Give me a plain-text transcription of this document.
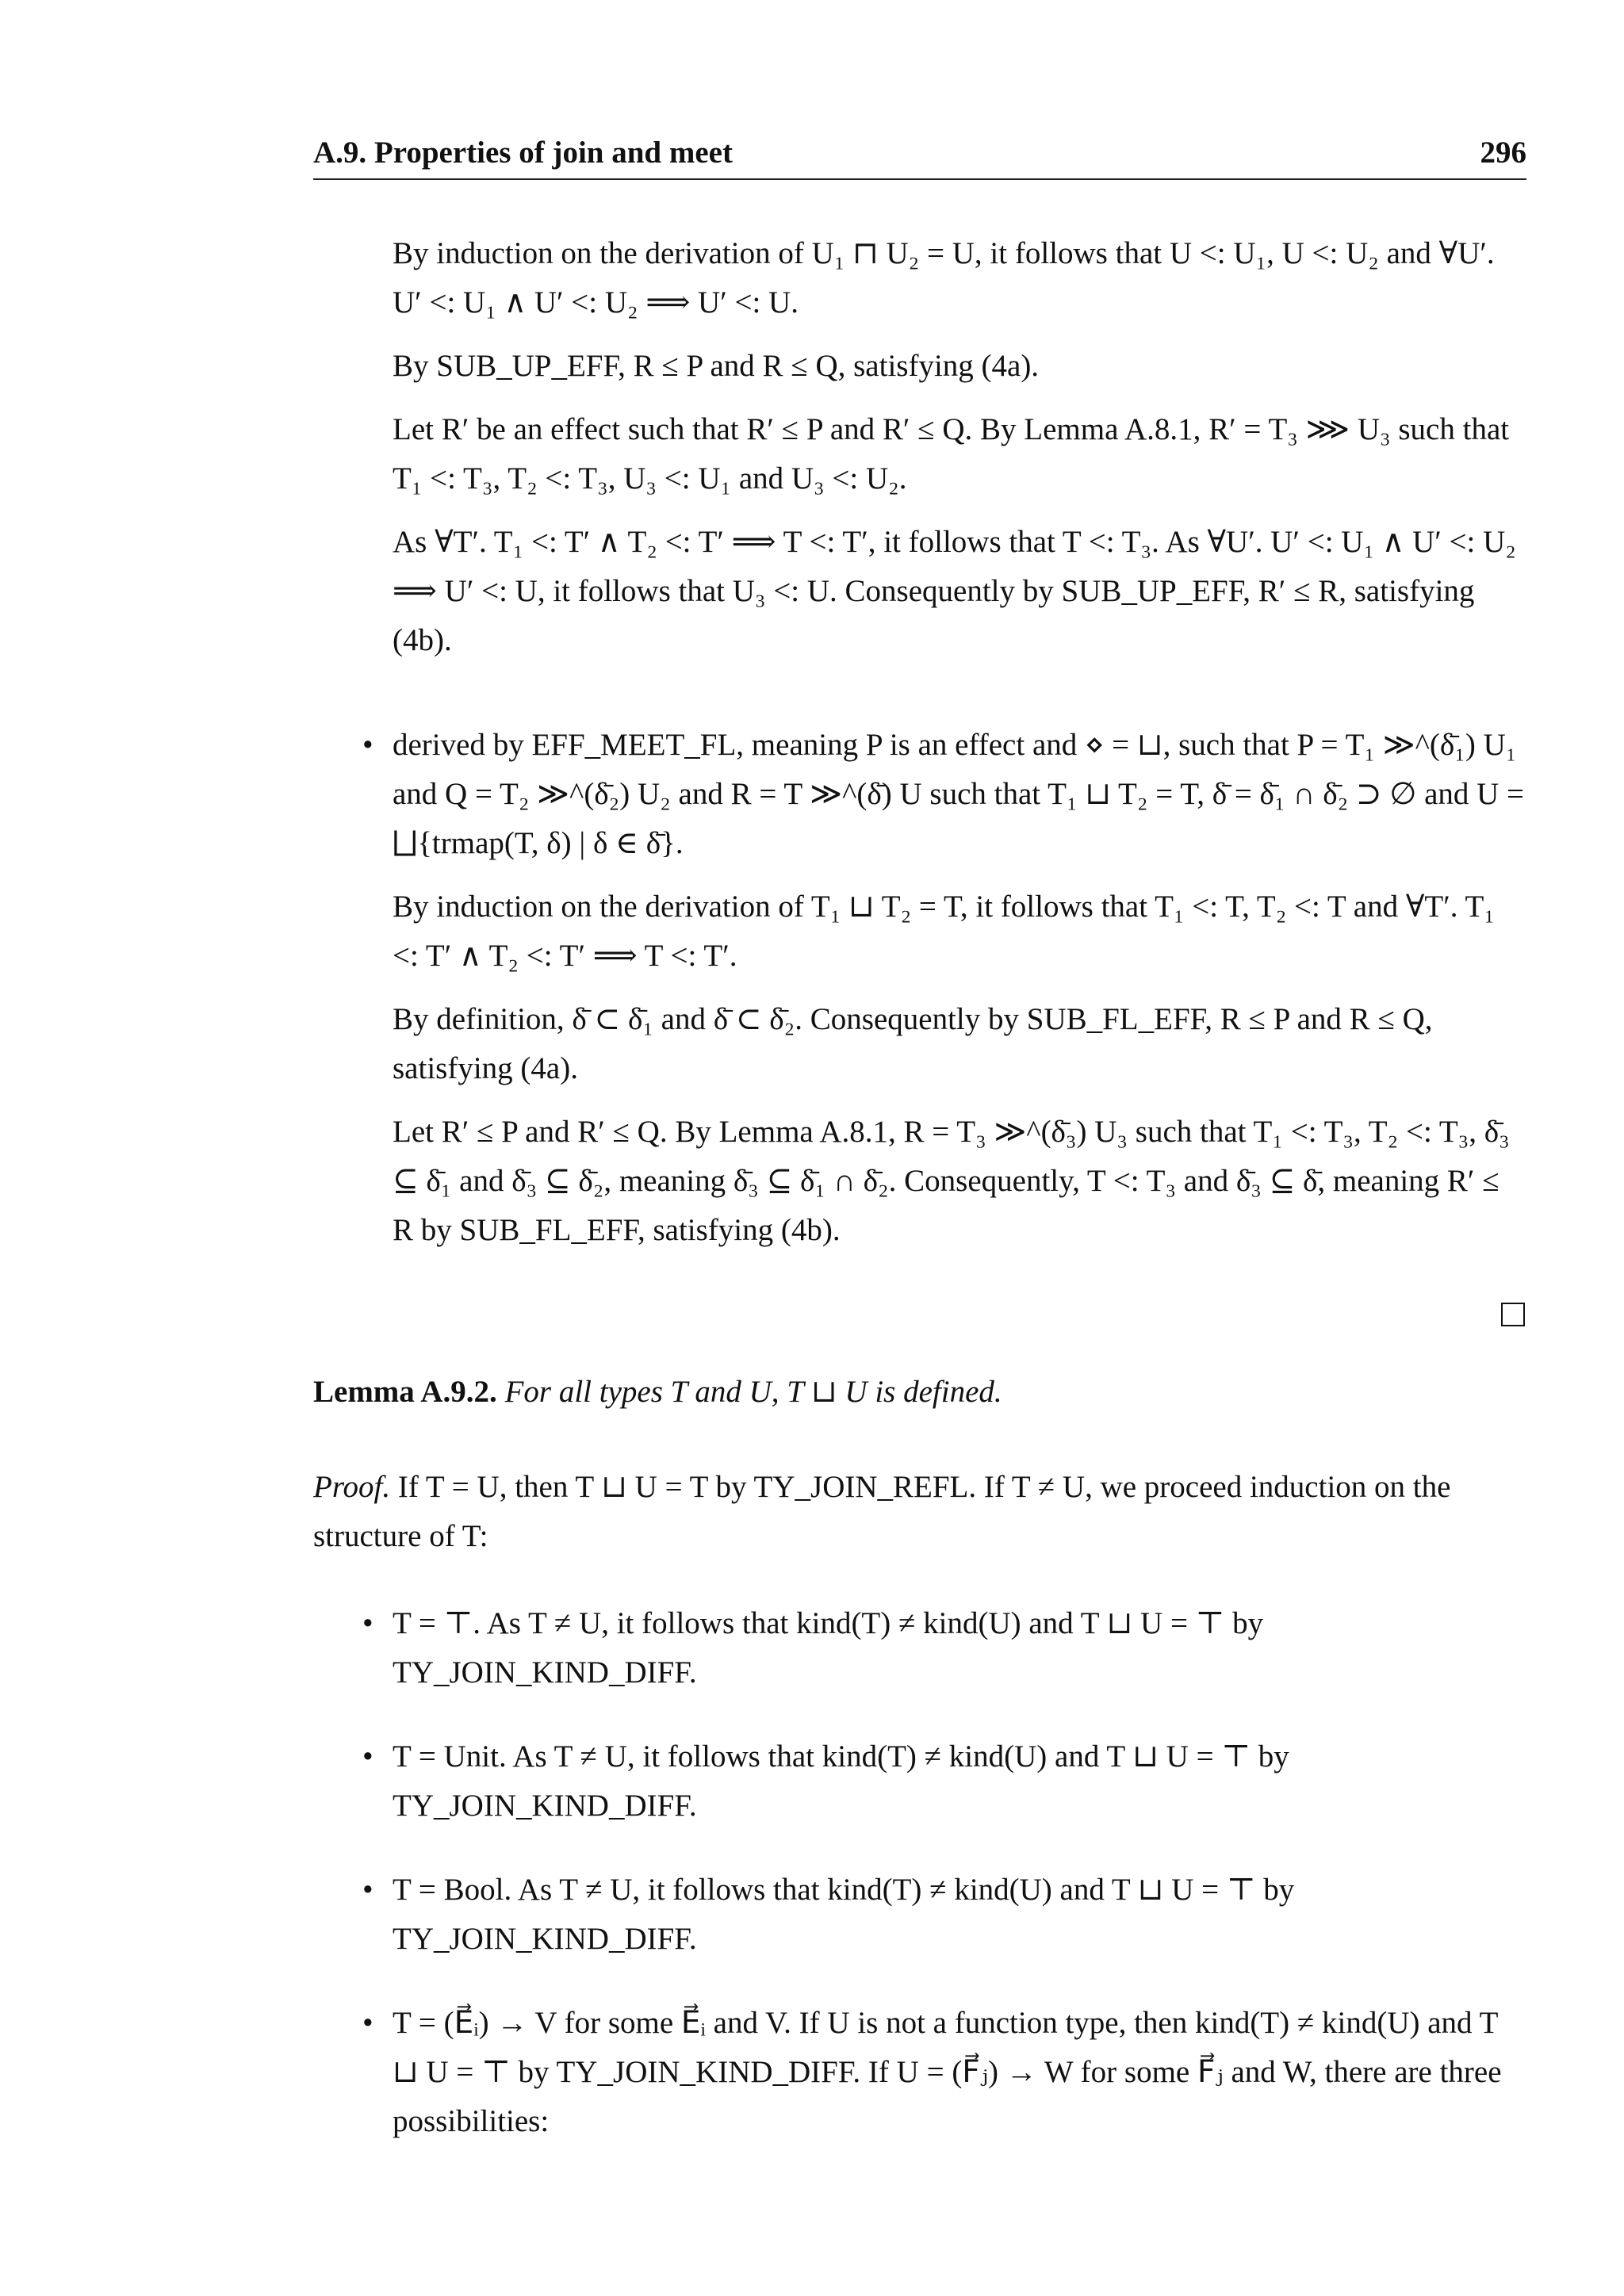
A.9. Properties of join and meet	296

By induction on the derivation of U₁ ⊓ U₂ = U, it follows that U <: U₁, U <: U₂ and ∀U′. U′ <: U₁ ∧ U′ <: U₂ ⟹ U′ <: U.

By SUB_UP_EFF, R ≤ P and R ≤ Q, satisfying (4a).

Let R′ be an effect such that R′ ≤ P and R′ ≤ Q. By Lemma A.8.1, R′ = T₃ ⋙ U₃ such that T₁ <: T₃, T₂ <: T₃, U₃ <: U₁ and U₃ <: U₂.

As ∀T′. T₁ <: T′ ∧ T₂ <: T′ ⟹ T <: T′, it follows that T <: T₃. As ∀U′. U′ <: U₁ ∧ U′ <: U₂ ⟹ U′ <: U, it follows that U₃ <: U. Consequently by SUB_UP_EFF, R′ ≤ R, satisfying (4b).

• derived by EFF_MEET_FL, meaning P is an effect and ⋄ = ⊔, such that P = T₁ ≫^(δ̄₁) U₁ and Q = T₂ ≫^(δ̄₂) U₂ and R = T ≫^(δ̄) U such that T₁ ⊔ T₂ = T, δ̄ = δ̄₁ ∩ δ̄₂ ⊃ ∅ and U = ⨆{trmap(T, δ) | δ ∈ δ̄}.

By induction on the derivation of T₁ ⊔ T₂ = T, it follows that T₁ <: T, T₂ <: T and ∀T′. T₁ <: T′ ∧ T₂ <: T′ ⟹ T <: T′.

By definition, δ̄ ⊂ δ̄₁ and δ̄ ⊂ δ̄₂. Consequently by SUB_FL_EFF, R ≤ P and R ≤ Q, satisfying (4a).

Let R′ ≤ P and R′ ≤ Q. By Lemma A.8.1, R = T₃ ≫^(δ̄₃) U₃ such that T₁ <: T₃, T₂ <: T₃, δ̄₃ ⊆ δ̄₁ and δ̄₃ ⊆ δ̄₂, meaning δ̄₃ ⊆ δ̄₁ ∩ δ̄₂. Consequently, T <: T₃ and δ̄₃ ⊆ δ̄, meaning R′ ≤ R by SUB_FL_EFF, satisfying (4b).

Lemma A.9.2. For all types T and U, T ⊔ U is defined.

Proof. If T = U, then T ⊔ U = T by TY_JOIN_REFL. If T ≠ U, we proceed induction on the structure of T:

• T = ⊤. As T ≠ U, it follows that kind(T) ≠ kind(U) and T ⊔ U = ⊤ by TY_JOIN_KIND_DIFF.

• T = Unit. As T ≠ U, it follows that kind(T) ≠ kind(U) and T ⊔ U = ⊤ by TY_JOIN_KIND_DIFF.

• T = Bool. As T ≠ U, it follows that kind(T) ≠ kind(U) and T ⊔ U = ⊤ by TY_JOIN_KIND_DIFF.

• T = (E⃗ᵢ) → V for some E⃗ᵢ and V. If U is not a function type, then kind(T) ≠ kind(U) and T ⊔ U = ⊤ by TY_JOIN_KIND_DIFF. If U = (F⃗ⱼ) → W for some F⃗ⱼ and W, there are three possibilities:
